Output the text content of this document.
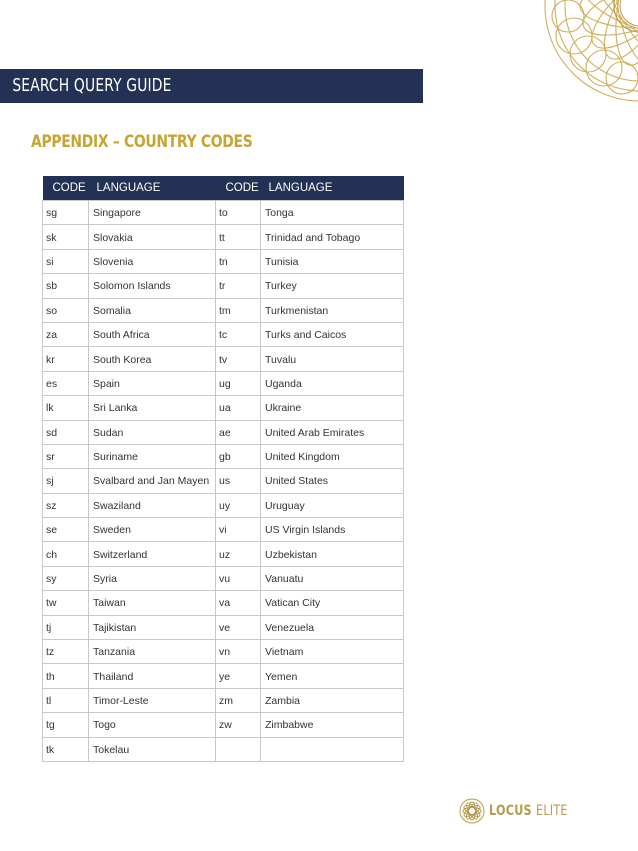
SEARCH QUERY GUIDE
APPENDIX – COUNTRY CODES
CODE	LANGUAGE	CODE	LANGUAGE
sg	Singapore	to	Tonga
sk	Slovakia	tt	Trinidad and Tobago
si	Slovenia	tn	Tunisia
sb	Solomon Islands	tr	Turkey
so	Somalia	tm	Turkmenistan
za	South Africa	tc	Turks and Caicos
kr	South Korea	tv	Tuvalu
es	Spain	ug	Uganda
lk	Sri Lanka	ua	Ukraine
sd	Sudan	ae	United Arab Emirates
sr	Suriname	gb	United Kingdom
sj	Svalbard and Jan Mayen	us	United States
sz	Swaziland	uy	Uruguay
se	Sweden	vi	US Virgin Islands
ch	Switzerland	uz	Uzbekistan
sy	Syria	vu	Vanuatu
tw	Taiwan	va	Vatican City
tj	Tajikistan	ve	Venezuela
tz	Tanzania	vn	Vietnam
th	Thailand	ye	Yemen
tl	Timor-Leste	zm	Zambia
tg	Togo	zw	Zimbabwe
tk	Tokelau		
LOCUS ELITE
